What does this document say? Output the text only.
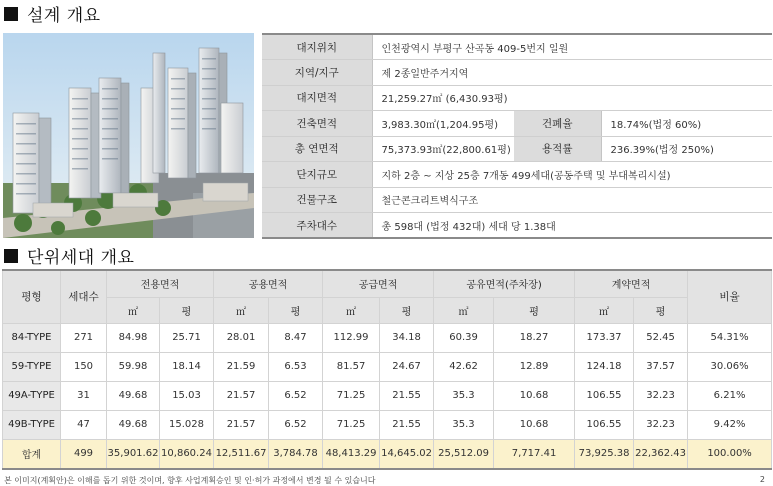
설계 개요
대지위치	인천광역시 부평구 산곡동 409-5번지 일원		
지역/지구	제 2종일반주거지역		
대지면적	21,259.27㎡ (6,430.93평)		
건축면적	3,983.30㎡(1,204.95평)	건폐율	18.74%(법정 60%)
총 연면적	75,373.93㎡(22,800.61평)	용적률	236.39%(법정 250%)
단지규모	지하 2층 ~ 지상 25층 7개동 499세대(공동주택 및 부대복리시설)		
건물구조	철근콘크리트벽식구조		
주차대수	총 598대 (법정 432대) 세대 당 1.38대		
단위세대 개요
평형	세대수	전용면적		공용면적		공급면적		공유면적(주차장)		계약면적		비율
		㎡	평	㎡	평	㎡	평	㎡	평	㎡	평	
84-TYPE	271	84.98	25.71	28.01	8.47	112.99	34.18	60.39	18.27	173.37	52.45	54.31%
59-TYPE	150	59.98	18.14	21.59	6.53	81.57	24.67	42.62	12.89	124.18	37.57	30.06%
49A-TYPE	31	49.68	15.03	21.57	6.52	71.25	21.55	35.3	10.68	106.55	32.23	6.21%
49B-TYPE	47	49.68	15.028	21.57	6.52	71.25	21.55	35.3	10.68	106.55	32.23	9.42%
합계	499	35,901.62	10,860.24	12,511.67	3,784.78	48,413.29	14,645.02	25,512.09	7,717.41	73,925.38	22,362.43	100.00%
본 이미지(계획안)은 이해를 돕기 위한 것이며, 향후 사업계획승인 및 인·허가 과정에서 변경 될 수 있습니다	2
